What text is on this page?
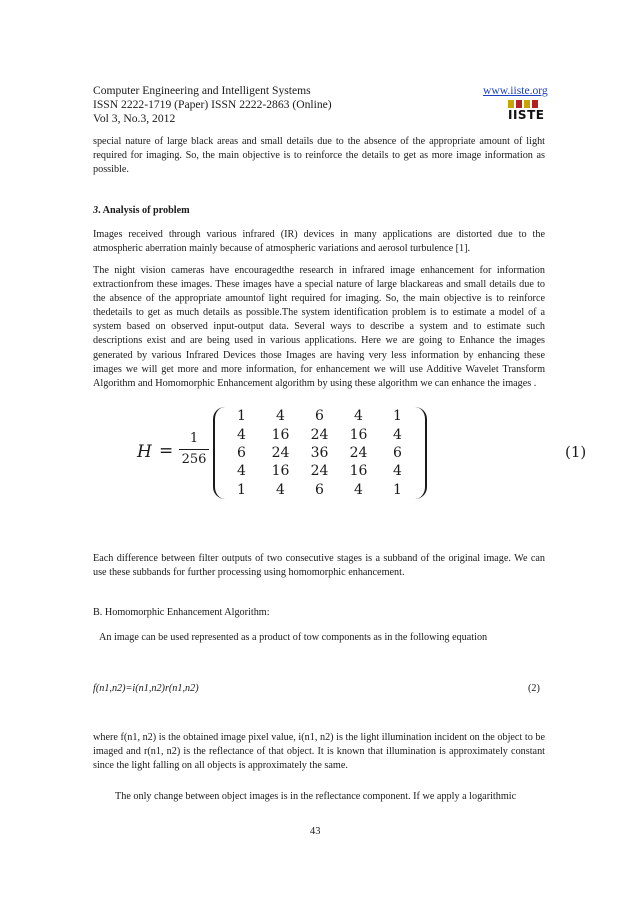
Computer Engineering and Intelligent Systems	www.iiste.org
ISSN 2222-1719 (Paper) ISSN 2222-2863 (Online)
Vol 3, No.3, 2012	IISTE

special nature of large black areas and small details due to the absence of the appropriate amount of light required for imaging. So, the main objective is to reinforce the details to get as more image information as possible.

3. Analysis of problem

Images received through various infrared (IR) devices in many applications are distorted due to the atmospheric aberration mainly because of atmospheric variations and aerosol turbulence [1].

The night vision cameras have encouragedthe research in infrared image enhancement for information extractionfrom these images. These images have a special nature of large blackareas and small details due to the absence of the appropriate amountof light required for imaging. So, the main objective is to reinforce thedetails to get as much details as possible.The system identification problem is to estimate a model of a system based on observed input-output data. Several ways to describe a system and to estimate such descriptions exist and are being used in various applications. Here we are going to Enhance the images generated by various Infrared Devices those Images are having very less information by enhancing these images we will get more and more information, for enhancement we will use Additive Wavelet Transform Algorithm and Homomorphic Enhancement algorithm by using these algorithm we can enhance the images .

H =
1
256
1	4	6	4	1
4	16	24	16	4
6	24	36	24	6
4	16	24	16	4
1	4	6	4	1
(1)

Each difference between filter outputs of two consecutive stages is a subband of the original image. We can use these subbands for further processing using homomorphic enhancement.

B. Homomorphic Enhancement Algorithm:
An image can be used represented as a product of tow components as in the following equation
f(n1,n2)=i(n1,n2)r(n1,n2)	(2)

where f(n1, n2) is the obtained image pixel value, i(n1, n2) is the light illumination incident on the object to be imaged and r(n1, n2) is the reflectance of that object. It is known that illumination is approximately constant since the light falling on all objects is approximately the same.

The only change between object images is in the reflectance component. If we apply a logarithmic
43
